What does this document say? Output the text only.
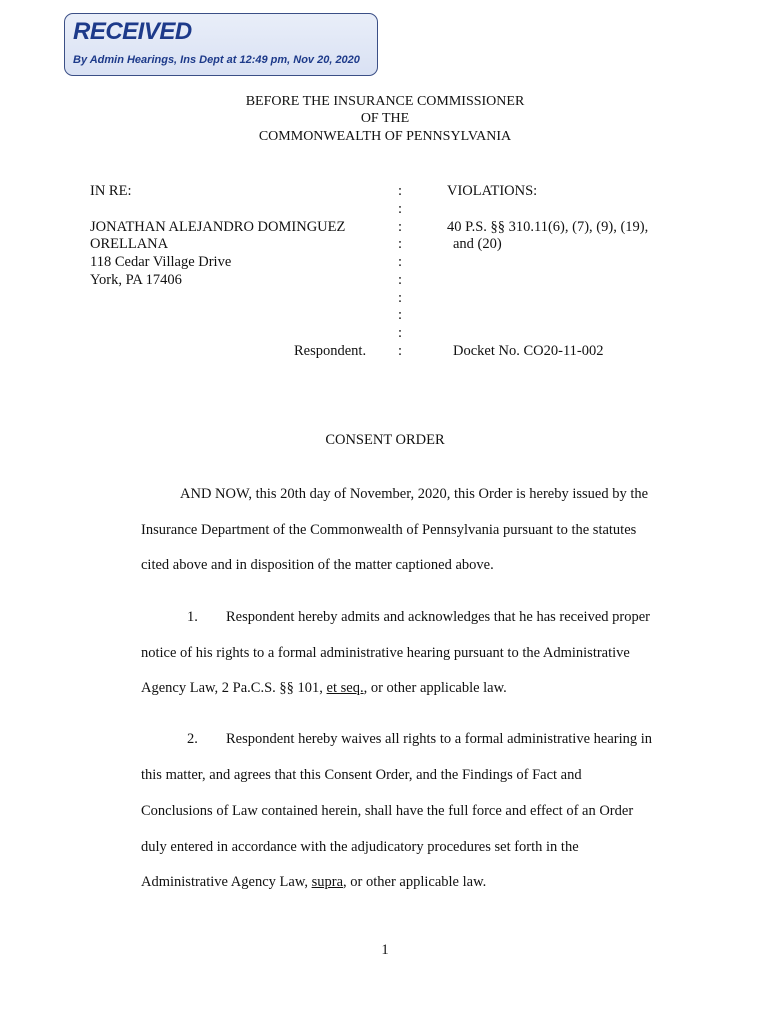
RECEIVED
By Admin Hearings, Ins Dept at 12:49 pm, Nov 20, 2020
BEFORE THE INSURANCE COMMISSIONER
OF THE
COMMONWEALTH OF PENNSYLVANIA
IN RE:
JONATHAN ALEJANDRO DOMINGUEZ
ORELLANA
118 Cedar Village Drive
York, PA 17406
Respondent.
:
:
:
:
:
:
:
:
:
:
VIOLATIONS:
40 P.S. §§ 310.11(6), (7), (9), (19),
and (20)
Docket No. CO20-11-002
CONSENT ORDER
AND NOW, this 20th day of November, 2020, this Order is hereby issued by the
Insurance Department of the Commonwealth of Pennsylvania pursuant to the statutes
cited above and in disposition of the matter captioned above.
1. Respondent hereby admits and acknowledges that he has received proper
notice of his rights to a formal administrative hearing pursuant to the Administrative
Agency Law, 2 Pa.C.S. §§ 101, et seq., or other applicable law.
2. Respondent hereby waives all rights to a formal administrative hearing in
this matter, and agrees that this Consent Order, and the Findings of Fact and
Conclusions of Law contained herein, shall have the full force and effect of an Order
duly entered in accordance with the adjudicatory procedures set forth in the
Administrative Agency Law, supra, or other applicable law.
1
